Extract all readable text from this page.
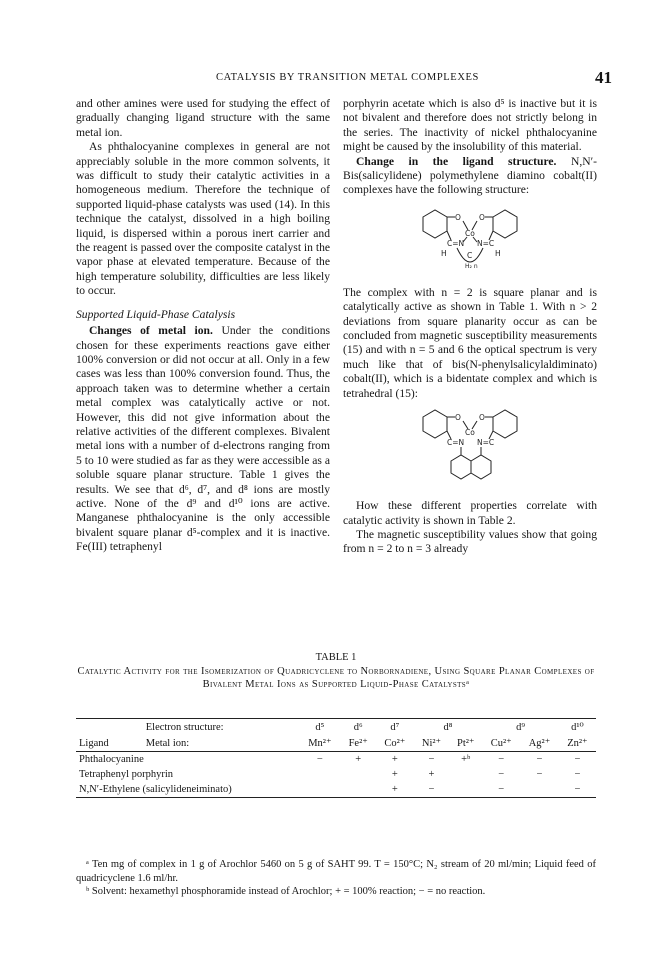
CATALYSIS BY TRANSITION METAL COMPLEXES	41

and other amines were used for studying the effect of gradually changing ligand structure with the same metal ion.

As phthalocyanine complexes in general are not appreciably soluble in the more common solvents, it was difficult to study their catalytic activities in a homogeneous medium. Therefore the technique of supported liquid-phase catalysts was used (14). In this technique the catalyst, dissolved in a high boiling liquid, is dispersed within a porous inert carrier and the reagent is passed over the composite catalyst in the vapor phase at elevated temperature. Because of the high temperature solubility, difficulties are less likely to occur.

Supported Liquid-Phase Catalysis

Changes of metal ion. Under the conditions chosen for these experiments reactions gave either 100% conversion or did not occur at all. Only in a few cases was less than 100% conversion found. Thus, the approach taken was to determine whether a certain metal complex was catalytically active or not. However, this did not give information about the relative activities of the different complexes. Bivalent metal ions with a number of d-electrons ranging from 5 to 10 were studied as far as they were accessible as a soluble square planar structure. Table 1 gives the results. We see that d⁶, d⁷, and d⁸ ions are mostly active. None of the d⁹ and d¹⁰ ions are active. Manganese phthalocyanine is the only accessible bivalent square planar d⁵-complex and it is inactive. Fe(III) tetraphenyl

porphyrin acetate which is also d⁵ is inactive but it is not bivalent and therefore does not strictly belong in the series. The inactivity of nickel phthalocyanine might be caused by the insolubility of this material.

Change in the ligand structure. N,N′-Bis(salicylidene) polymethylene diamino cobalt(II) complexes have the following structure:

O O
Co
C=N N=C
H	H
C
H₂ n

The complex with n = 2 is square planar and is catalytically active as shown in Table 1. With n > 2 deviations from square planarity occur as can be concluded from magnetic susceptibility measurements (15) and with n = 5 and 6 the optical spectrum is very much like that of bis(N-phenylsalicylaldiminato) cobalt(II), which is a bidentate complex and which is tetrahedral (15):

O O
Co
C=N N=C

How these different properties correlate with catalytic activity is shown in Table 2.

The magnetic susceptibility values show that going from n = 2 to n = 3 already

TABLE 1
Catalytic Activity for the Isomerization of Quadricyclene to Norbornadiene, Using Square Planar Complexes of Bivalent Metal Ions as Supported Liquid-Phase Catalystsᵃ
	Electron structure:	d⁵	d⁶	d⁷	d⁸		d⁹		d¹⁰
Ligand	Metal ion:	Mn²⁺	Fe²⁺	Co²⁺	Ni²⁺	Pt²⁺	Cu²⁺	Ag²⁺	Zn²⁺
Phthalocyanine		−	+	+	−	+ᵇ	−	−	−
Tetraphenyl porphyrin				+	+		−	−	−
N,N′-Ethylene (salicylideneiminato)				+	−		−		−

ᵃ Ten mg of complex in 1 g of Arochlor 5460 on 5 g of SAHT 99. T = 150°C; N₂ stream of 20 ml/min; Liquid feed of quadricyclene 1.6 ml/hr.

ᵇ Solvent: hexamethyl phosphoramide instead of Arochlor; + = 100% reaction; − = no reaction.
